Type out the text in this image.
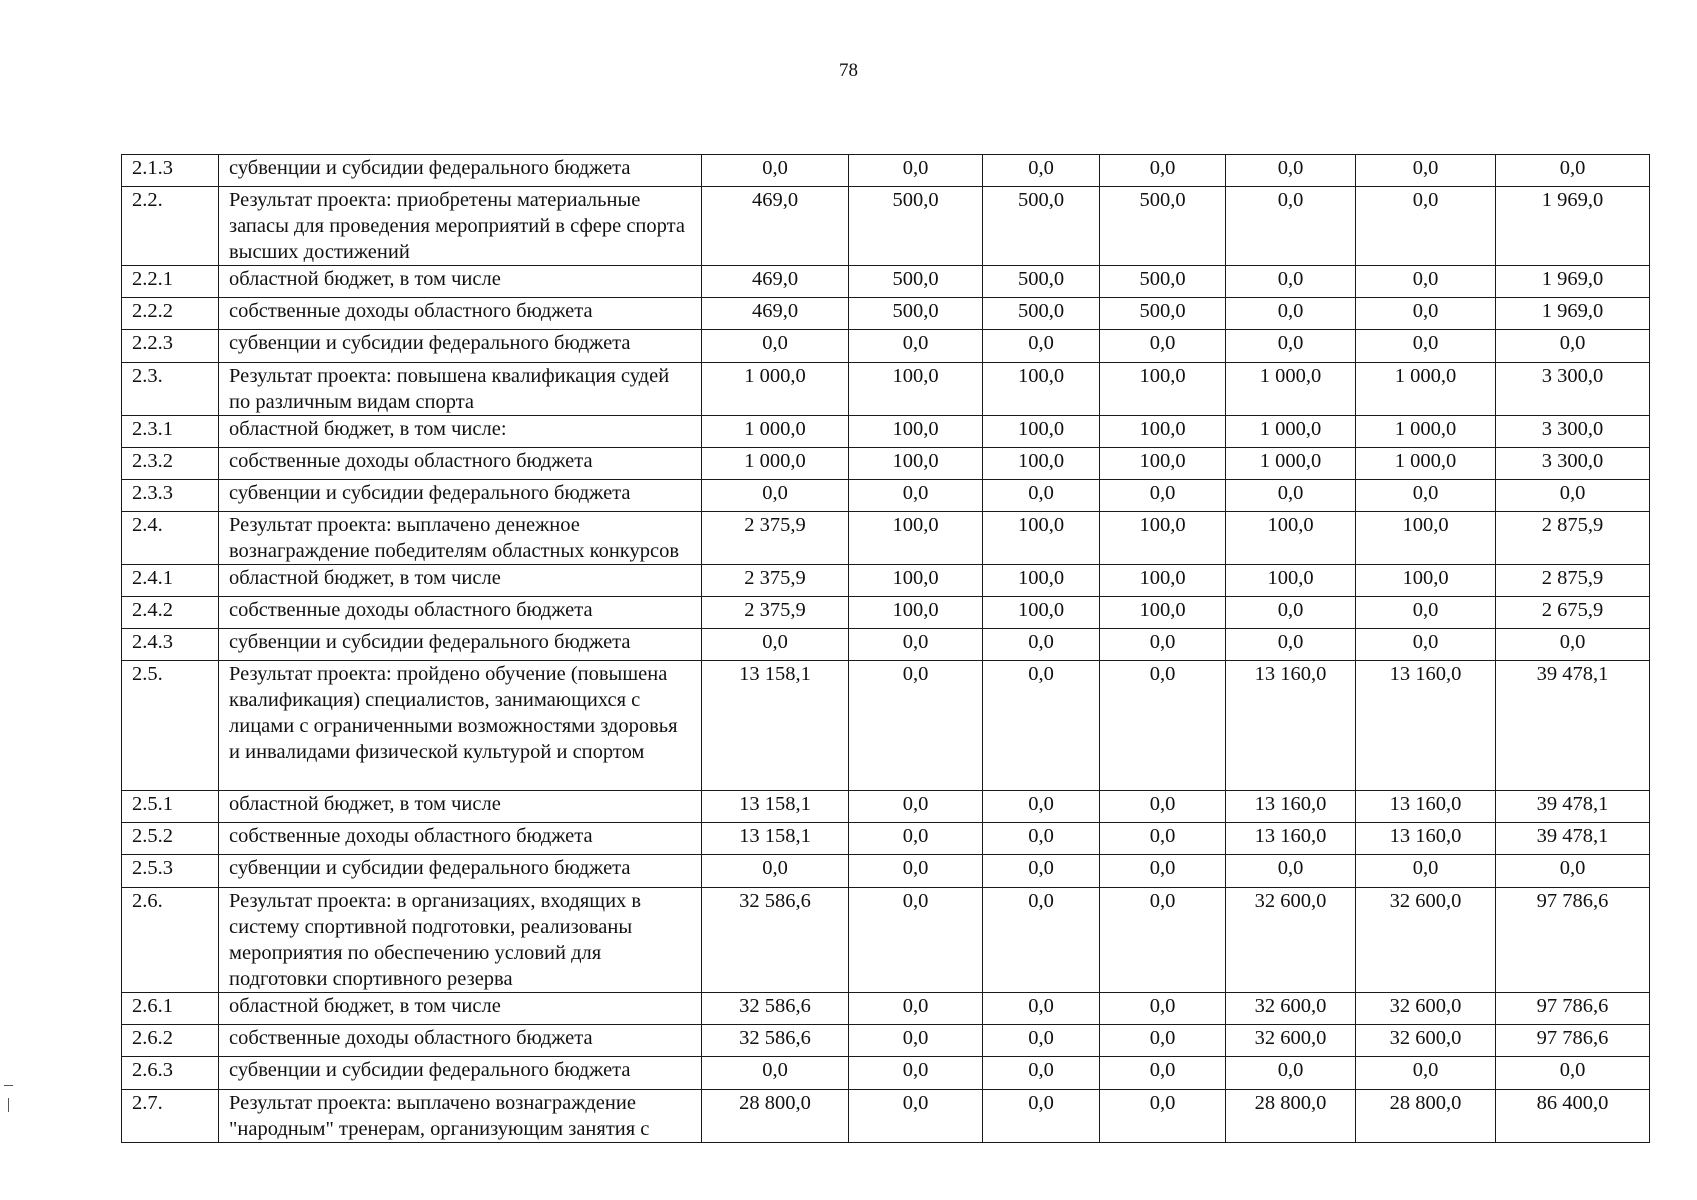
78
2.1.3	субвенции и субсидии федерального бюджета	0,0	0,0	0,0	0,0	0,0	0,0	0,0
2.2.	Результат проекта: приобретены материальные запасы для проведения мероприятий в сфере спорта высших достижений	469,0	500,0	500,0	500,0	0,0	0,0	1 969,0
2.2.1	областной бюджет, в том числе	469,0	500,0	500,0	500,0	0,0	0,0	1 969,0
2.2.2	собственные доходы областного бюджета	469,0	500,0	500,0	500,0	0,0	0,0	1 969,0
2.2.3	субвенции и субсидии федерального бюджета	0,0	0,0	0,0	0,0	0,0	0,0	0,0
2.3.	Результат проекта: повышена квалификация судей по различным видам спорта	1 000,0	100,0	100,0	100,0	1 000,0	1 000,0	3 300,0
2.3.1	областной бюджет, в том числе:	1 000,0	100,0	100,0	100,0	1 000,0	1 000,0	3 300,0
2.3.2	собственные доходы областного бюджета	1 000,0	100,0	100,0	100,0	1 000,0	1 000,0	3 300,0
2.3.3	субвенции и субсидии федерального бюджета	0,0	0,0	0,0	0,0	0,0	0,0	0,0
2.4.	Результат проекта: выплачено денежное вознаграждение победителям областных конкурсов	2 375,9	100,0	100,0	100,0	100,0	100,0	2 875,9
2.4.1	областной бюджет, в том числе	2 375,9	100,0	100,0	100,0	100,0	100,0	2 875,9
2.4.2	собственные доходы областного бюджета	2 375,9	100,0	100,0	100,0	0,0	0,0	2 675,9
2.4.3	субвенции и субсидии федерального бюджета	0,0	0,0	0,0	0,0	0,0	0,0	0,0
2.5.	Результат проекта: пройдено обучение (повышена квалификация) специалистов, занимающихся с лицами с ограниченными возможностями здоровья и инвалидами физической культурой и спортом	13 158,1	0,0	0,0	0,0	13 160,0	13 160,0	39 478,1
2.5.1	областной бюджет, в том числе	13 158,1	0,0	0,0	0,0	13 160,0	13 160,0	39 478,1
2.5.2	собственные доходы областного бюджета	13 158,1	0,0	0,0	0,0	13 160,0	13 160,0	39 478,1
2.5.3	субвенции и субсидии федерального бюджета	0,0	0,0	0,0	0,0	0,0	0,0	0,0
2.6.	Результат проекта: в организациях, входящих в систему спортивной подготовки, реализованы мероприятия по обеспечению условий для подготовки спортивного резерва	32 586,6	0,0	0,0	0,0	32 600,0	32 600,0	97 786,6
2.6.1	областной бюджет, в том числе	32 586,6	0,0	0,0	0,0	32 600,0	32 600,0	97 786,6
2.6.2	собственные доходы областного бюджета	32 586,6	0,0	0,0	0,0	32 600,0	32 600,0	97 786,6
2.6.3	субвенции и субсидии федерального бюджета	0,0	0,0	0,0	0,0	0,0	0,0	0,0
2.7.	Результат проекта: выплачено вознаграждение "народным" тренерам, организующим занятия с	28 800,0	0,0	0,0	0,0	28 800,0	28 800,0	86 400,0
